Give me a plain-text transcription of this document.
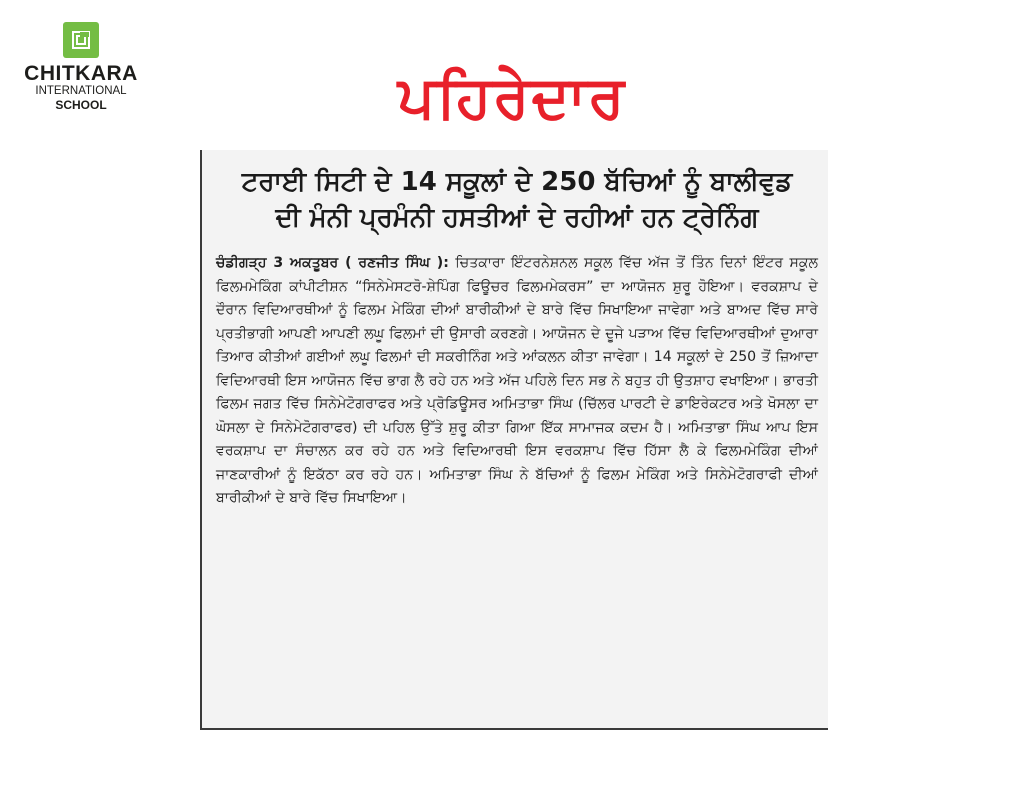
CHITKARA
INTERNATIONAL
SCHOOL	ਪਹਿਰੇਦਾਰ
ਟਰਾਈ ਸਿਟੀ ਦੇ 14 ਸਕੂਲਾਂ ਦੇ 250 ਬੱਚਿਆਂ ਨੂੰ ਬਾਲੀਵੁਡ
ਦੀ ਮੰਨੀ ਪ੍ਰਮੰਨੀ ਹਸਤੀਆਂ ਦੇ ਰਹੀਆਂ ਹਨ ਟ੍ਰੇਨਿੰਗ
ਚੰਡੀਗੜ੍ਹ 3 ਅਕਤੂਬਰ ( ਰਣਜੀਤ ਸਿੰਘ ): ਚਿਤਕਾਰਾ ਇੰਟਰਨੇਸ਼ਨਲ ਸਕੂਲ ਵਿੱਚ ਅੱਜ ਤੋਂ ਤਿੰਨ ਦਿਨਾਂ ਇੰਟਰ ਸਕੂਲ ਫਿਲਮਮੇਕਿੰਗ ਕਾਂਪੀਟੀਸ਼ਨ “ਸਿਨੇਮੇਸਟਰੋ-ਸ਼ੇਪਿੰਗ ਫਿਊਚਰ ਫਿਲਮਮੇਕਰਸ” ਦਾ ਆਯੋਜਨ ਸ਼ੁਰੂ ਹੋਇਆ। ਵਰਕਸ਼ਾਪ ਦੇ ਦੌਰਾਨ ਵਿਦਿਆਰਥੀਆਂ ਨੂੰ ਫਿਲਮ ਮੇਕਿੰਗ ਦੀਆਂ ਬਾਰੀਕੀਆਂ ਦੇ ਬਾਰੇ ਵਿੱਚ ਸਿਖਾਇਆ ਜਾਵੇਗਾ ਅਤੇ ਬਾਅਦ ਵਿੱਚ ਸਾਰੇ ਪ੍ਰਤੀਭਾਗੀ ਆਪਣੀ ਆਪਣੀ ਲਘੂ ਫਿਲਮਾਂ ਦੀ ਉਸਾਰੀ ਕਰਣਗੇ। ਆਯੋਜਨ ਦੇ ਦੂਜੇ ਪੜਾਅ ਵਿੱਚ ਵਿਦਿਆਰਥੀਆਂ ਦੁਆਰਾ ਤਿਆਰ ਕੀਤੀਆਂ ਗਈਆਂ ਲਘੂ ਫਿਲਮਾਂ ਦੀ ਸਕਰੀਨਿੰਗ ਅਤੇ ਆਂਕਲਨ ਕੀਤਾ ਜਾਵੇਗਾ। 14 ਸਕੂਲਾਂ ਦੇ 250 ਤੋਂ ਜ਼ਿਆਦਾ ਵਿਦਿਆਰਥੀ ਇਸ ਆਯੋਜਨ ਵਿੱਚ ਭਾਗ ਲੈ ਰਹੇ ਹਨ ਅਤੇ ਅੱਜ ਪਹਿਲੇ ਦਿਨ ਸਭ ਨੇ ਬਹੁਤ ਹੀ ਉਤਸ਼ਾਹ ਵਖਾਇਆ। ਭਾਰਤੀ ਫਿਲਮ ਜਗਤ ਵਿੱਚ ਸਿਨੇਮੇਟੋਗਰਾਫਰ ਅਤੇ ਪ੍ਰੋਡਿਊਸਰ ਅਮਿਤਾਭਾ ਸਿੰਘ (ਚਿੱਲਰ ਪਾਰਟੀ ਦੇ ਡਾਇਰੇਕਟਰ ਅਤੇ ਖੋਸਲਾ ਦਾ ਘੋਸਲਾ ਦੇ ਸਿਨੇਮੇਟੋਗਰਾਫਰ) ਦੀ ਪਹਿਲ ਉੱਤੇ ਸ਼ੁਰੂ ਕੀਤਾ ਗਿਆ ਇੱਕ ਸਾਮਾਜਕ ਕਦਮ ਹੈ। ਅਮਿਤਾਭਾ ਸਿੰਘ ਆਪ ਇਸ ਵਰਕਸ਼ਾਪ ਦਾ ਸੰਚਾਲਨ ਕਰ ਰਹੇ ਹਨ ਅਤੇ ਵਿਦਿਆਰਥੀ ਇਸ ਵਰਕਸ਼ਾਪ ਵਿੱਚ ਹਿੱਸਾ ਲੈ ਕੇ ਫਿਲਮਮੇਕਿੰਗ ਦੀਆਂ ਜਾਣਕਾਰੀਆਂ ਨੂੰ ਇਕੱਠਾ ਕਰ ਰਹੇ ਹਨ। ਅਮਿਤਾਭਾ ਸਿੰਘ ਨੇ ਬੱਚਿਆਂ ਨੂੰ ਫਿਲਮ ਮੇਕਿੰਗ ਅਤੇ ਸਿਨੇਮੇਟੋਗਰਾਫੀ ਦੀਆਂ ਬਾਰੀਕੀਆਂ ਦੇ ਬਾਰੇ ਵਿੱਚ ਸਿਖਾਇਆ।
